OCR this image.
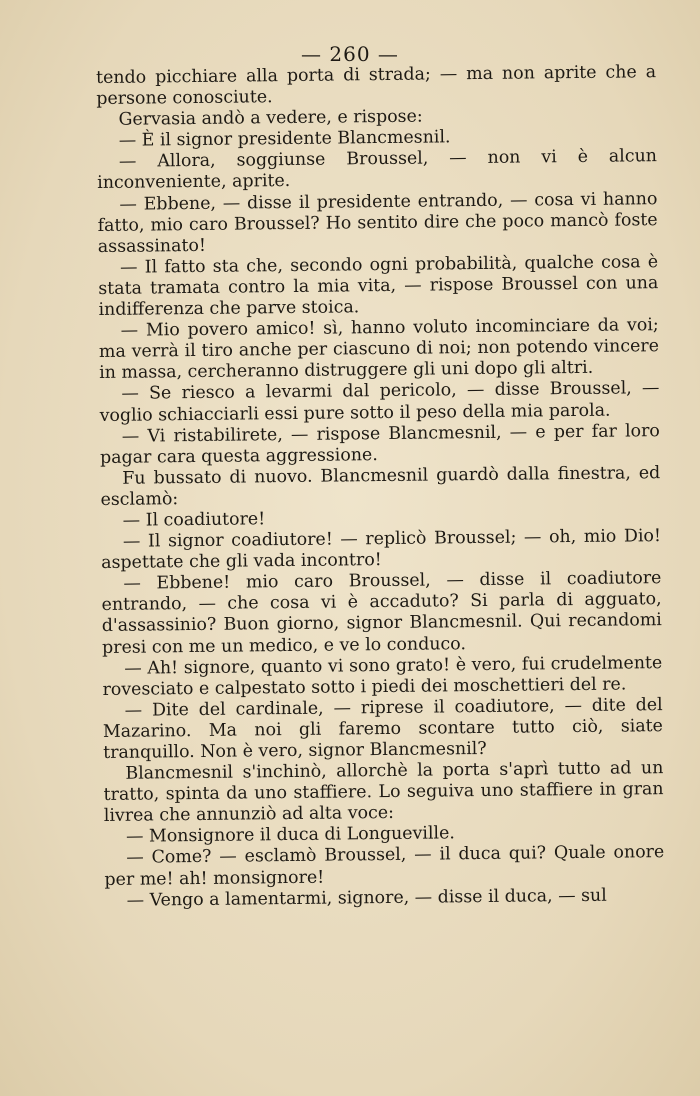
— 260 —

tendo picchiare alla porta di strada; — ma non aprite che a persone conosciute.

Gervasia andò a vedere, e rispose:

— È il signor presidente Blancmesnil.

— Allora, soggiunse Broussel, — non vi è alcun inconveniente, aprite.

— Ebbene, — disse il presidente entrando, — cosa vi hanno fatto, mio caro Broussel? Ho sentito dire che poco mancò foste assassinato!

— Il fatto sta che, secondo ogni probabilità, qualche cosa è stata tramata contro la mia vita, — rispose Broussel con una indifferenza che parve stoica.

— Mio povero amico! sì, hanno voluto incominciare da voi; ma verrà il tiro anche per ciascuno di noi; non potendo vincere in massa, cercheranno distruggere gli uni dopo gli altri.

— Se riesco a levarmi dal pericolo, — disse Broussel, — voglio schiacciarli essi pure sotto il peso della mia parola.

— Vi ristabilirete, — rispose Blancmesnil, — e per far loro pagar cara questa aggressione.

Fu bussato di nuovo. Blancmesnil guardò dalla finestra, ed esclamò:

— Il coadiutore!

— Il signor coadiutore! — replicò Broussel; — oh, mio Dio! aspettate che gli vada incontro!

— Ebbene! mio caro Broussel, — disse il coadiutore entrando, — che cosa vi è accaduto? Si parla di agguato, d'assassinio? Buon giorno, signor Blancmesnil. Qui recandomi presi con me un medico, e ve lo conduco.

— Ah! signore, quanto vi sono grato! è vero, fui crudelmente rovesciato e calpestato sotto i piedi dei moschettieri del re.

— Dite del cardinale, — riprese il coadiutore, — dite del Mazarino. Ma noi gli faremo scontare tutto ciò, siate tranquillo. Non è vero, signor Blancmesnil?

Blancmesnil s'inchinò, allorchè la porta s'aprì tutto ad un tratto, spinta da uno staffiere. Lo seguiva uno staffiere in gran livrea che annunziò ad alta voce:

— Monsignore il duca di Longueville.

— Come? — esclamò Broussel, — il duca qui? Quale onore per me! ah! monsignore!

— Vengo a lamentarmi, signore, — disse il duca, — sul
